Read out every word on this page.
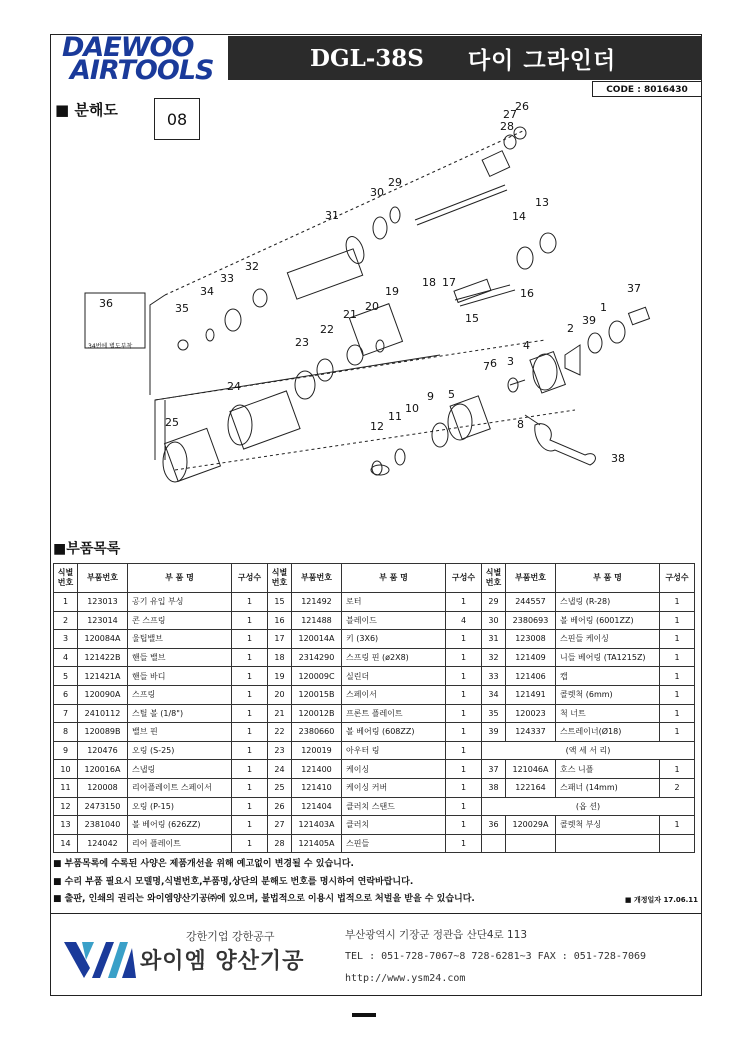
DAEWOO
AIRTOOLS	DGL-38S 다이 그라인더
CODE : 8016430
■ 분해도	08	28
27
26
30
29
31	14
13
32
33
34
35
36
17
18
19
20
21
22
23
24
25
16
15
37
1
39
2
4
3
6
7
5
9
10
11
12	8
38
34번에 별도부착
■부품목록
식별
번호	부품번호	부 품 명	구성수	식별
번호	부품번호	부 품 명	구성수	식별
번호	부품번호	부 품 명	구성수
1	123013	공기 유입 부싱	1	15	121492	로터	1	29	244557	스냅링 (R-28)	1
2	123014	콘 스프링	1	16	121488	블레이드	4	30	2380693	볼 베어링 (6001ZZ)	1
3	120084A	울팁밸브	1	17	120014A	키 (3X6)	1	31	123008	스핀들 케이싱	1
4	121422B	핸들 밸브	1	18	2314290	스프링 핀 (ø2X8)	1	32	121409	니들 베어링 (TA1215Z)	1
5	121421A	핸들 바디	1	19	120009C	실린더	1	33	121406	캡	1
6	120090A	스프링	1	20	120015B	스페이서	1	34	121491	콜렛척 (6mm)	1
7	2410112	스틸 볼 (1/8")	1	21	120012B	프론트 플레이트	1	35	120023	척 너트	1
8	120089B	밸브 핀	1	22	2380660	볼 베어링 (608ZZ)	1	39	124337	스트레이너(Ø18)	1
9	120476	오링 (S-25)	1	23	120019	아우터 링	1	(액 세 서 리)			
10	120016A	스냅링	1	24	121400	케이싱	1	37	121046A	호스 니플	1
11	120008	리어플레이트 스페이서	1	25	121410	케이싱 커버	1	38	122164	스패너 (14mm)	2
12	2473150	오링 (P-15)	1	26	121404	클러치 스탠드	1	(옵 션)			
13	2381040	볼 베어링 (626ZZ)	1	27	121403A	클러치	1	36	120029A	콜렛척 부싱	1
14	124042	리어 플레이트	1	28	121405A	스핀들	1				
■ 부품목록에 수록된 사양은 제품개선을 위해 예고없이 변경될 수 있습니다.
■ 수리 부품 필요시 모델명,식별번호,부품명,상단의 분해도 번호를 명시하여 연락바랍니다.
■ 출판, 인쇄의 권리는 와이엠양산기공㈜에 있으며, 불법적으로 이용시 법적으로 처벌을 받을 수 있습니다.	■ 개정일자 17.06.11
강한기업 강한공구
와이엠 양산기공
부산광역시 기장군 정관읍 산단4로 113
TEL : 051-728-7067~8 728-6281~3 FAX : 051-728-7069
http://www.ysm24.com
